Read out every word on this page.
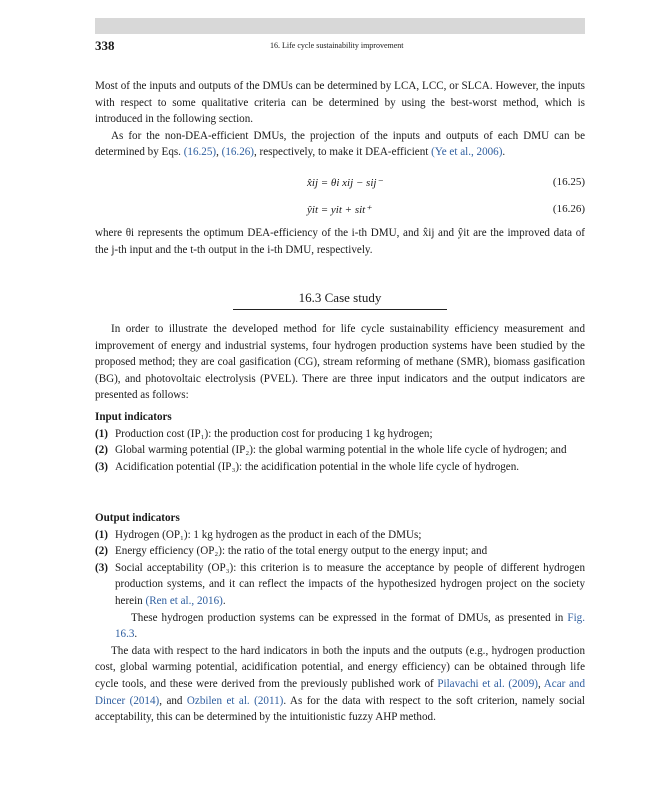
338	16. Life cycle sustainability improvement

Most of the inputs and outputs of the DMUs can be determined by LCA, LCC, or SLCA. However, the inputs with respect to some qualitative criteria can be determined by using the best-worst method, which is introduced in the following section.

As for the non-DEA-efficient DMUs, the projection of the inputs and outputs of each DMU can be determined by Eqs. (16.25), (16.26), respectively, to make it DEA-efficient (Ye et al., 2006).

x̂ij = θi xij − sij⁻	(16.25)
ŷit = yit + sit⁺	(16.26)
where θi represents the optimum DEA-efficiency of the i-th DMU, and x̂ij and ŷit are the improved data of the j-th input and the t-th output in the i-th DMU, respectively.
16.3 Case study
In order to illustrate the developed method for life cycle sustainability efficiency measurement and improvement of energy and industrial systems, four hydrogen production systems have been studied by the proposed method; they are coal gasification (CG), stream reforming of methane (SMR), biomass gasification (BG), and photovoltaic electrolysis (PVEL). There are three input indicators and the output indicators are presented as follows:

Input indicators

(1) Production cost (IP₁): the production cost for producing 1 kg hydrogen;
(2) Global warming potential (IP₂): the global warming potential in the whole life cycle of hydrogen; and
(3) Acidification potential (IP₃): the acidification potential in the whole life cycle of hydrogen.

Output indicators

(1) Hydrogen (OP₁): 1 kg hydrogen as the product in each of the DMUs;
(2) Energy efficiency (OP₂): the ratio of the total energy output to the energy input; and
(3) Social acceptability (OP₃): this criterion is to measure the acceptance by people of different hydrogen production systems, and it can reflect the impacts of the hypothesized hydrogen project on the society herein (Ren et al., 2016).

These hydrogen production systems can be expressed in the format of DMUs, as presented in Fig. 16.3.

The data with respect to the hard indicators in both the inputs and the outputs (e.g., hydrogen production cost, global warming potential, acidification potential, and energy efficiency) can be obtained through life cycle tools, and these were derived from the previously published work of Pilavachi et al. (2009), Acar and Dincer (2014), and Ozbilen et al. (2011). As for the data with respect to the soft criterion, namely social acceptability, this can be determined by the intuitionistic fuzzy AHP method.
